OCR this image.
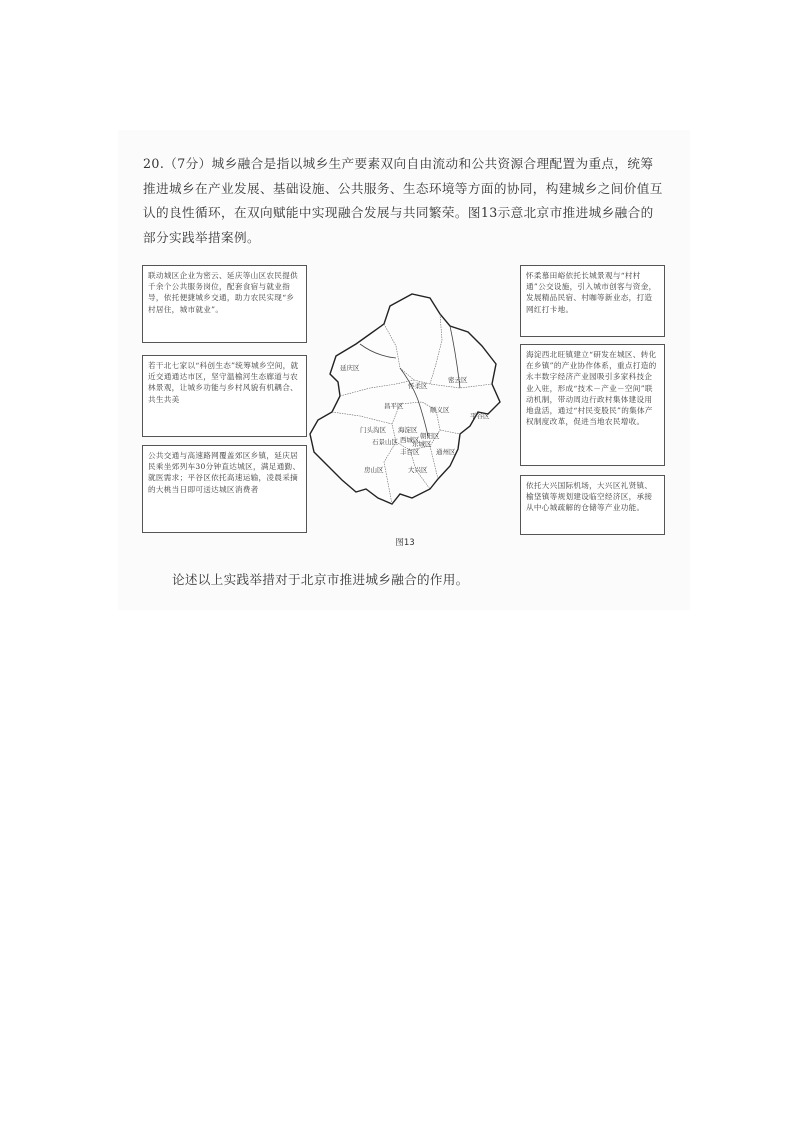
20.（7分）城乡融合是指以城乡生产要素双向自由流动和公共资源合理配置为重点，统筹推进城乡在产业发展、基础设施、公共服务、生态环境等方面的协同，构建城乡之间价值互认的良性循环，在双向赋能中实现融合发展与共同繁荣。图13示意北京市推进城乡融合的部分实践举措案例。
联动城区企业为密云、延庆等山区农民提供千余个公共服务岗位，配套食宿与就业指导，依托便捷城乡交通，助力农民实现“乡村居住，城市就业”。
若干北七家以“科创生态”统筹城乡空间，就近交通通达市区，坚守温榆河生态廊道与农林景观，让城乡功能与乡村风貌有机耦合、共生共美
公共交通与高速路网覆盖郊区乡镇，延庆居民乘坐郊列车30分钟直达城区，满足通勤、就医需求；平谷区依托高速运输，凌晨采摘的大桃当日即可送达城区消费者
怀柔慕田峪依托长城景观与“村村通”公交设施，引入城市创客与资金，发展精品民宿、村咖等新业态，打造网红打卡地。
海淀西北旺镇建立“研发在城区、转化在乡镇”的产业协作体系，重点打造的永丰数字经济产业园吸引多家科技企业入驻，形成“技术－产业－空间”联动机制，带动周边行政村集体建设用地盘活，通过“村民变股民”的集体产权制度改革，促进当地农民增收。
依托大兴国际机场，大兴区礼贤镇、榆垡镇等规划建设临空经济区，承接从中心城疏解的仓储等产业功能。
延庆区
怀柔区
密云区
昌平区	顺义区
平谷区
门头沟区 海淀区
朝阳区
西城区
东城区
石景山区
丰台区	通州区
房山区	大兴区
图13
论述以上实践举措对于北京市推进城乡融合的作用。
